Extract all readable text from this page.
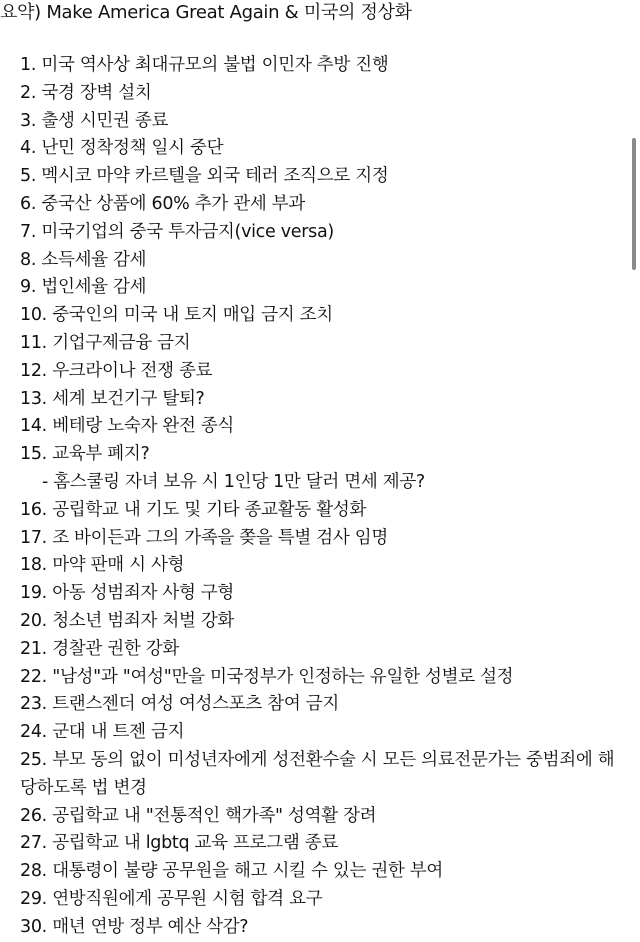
요약) Make America Great Again & 미국의 정상화
1. 미국 역사상 최대규모의 불법 이민자 추방 진행
2. 국경 장벽 설치
3. 출생 시민권 종료
4. 난민 정착정책 일시 중단
5. 멕시코 마약 카르텔을 외국 테러 조직으로 지정
6. 중국산 상품에 60% 추가 관세 부과
7. 미국기업의 중국 투자금지(vice versa)
8. 소득세율 감세
9. 법인세율 감세
10. 중국인의 미국 내 토지 매입 금지 조치
11. 기업구제금융 금지
12. 우크라이나 전쟁 종료
13. 세계 보건기구 탈퇴?
14. 베테랑 노숙자 완전 종식
15. 교육부 폐지?
- 홈스쿨링 자녀 보유 시 1인당 1만 달러 면세 제공?
16. 공립학교 내 기도 및 기타 종교활동 활성화
17. 조 바이든과 그의 가족을 쫒을 특별 검사 임명
18. 마약 판매 시 사형
19. 아동 성범죄자 사형 구형
20. 청소년 범죄자 처벌 강화
21. 경찰관 권한 강화
22. "남성"과 "여성"만을 미국정부가 인정하는 유일한 성별로 설정
23. 트랜스젠더 여성 여성스포츠 참여 금지
24. 군대 내 트젠 금지
25. 부모 동의 없이 미성년자에게 성전환수술 시 모든 의료전문가는 중범죄에 해당하도록 법 변경
26. 공립학교 내 "전통적인 핵가족" 성역활 장려
27. 공립학교 내 lgbtq 교육 프로그램 종료
28. 대통령이 불량 공무원을 해고 시킬 수 있는 권한 부여
29. 연방직원에게 공무원 시험 합격 요구
30. 매년 연방 정부 예산 삭감?
